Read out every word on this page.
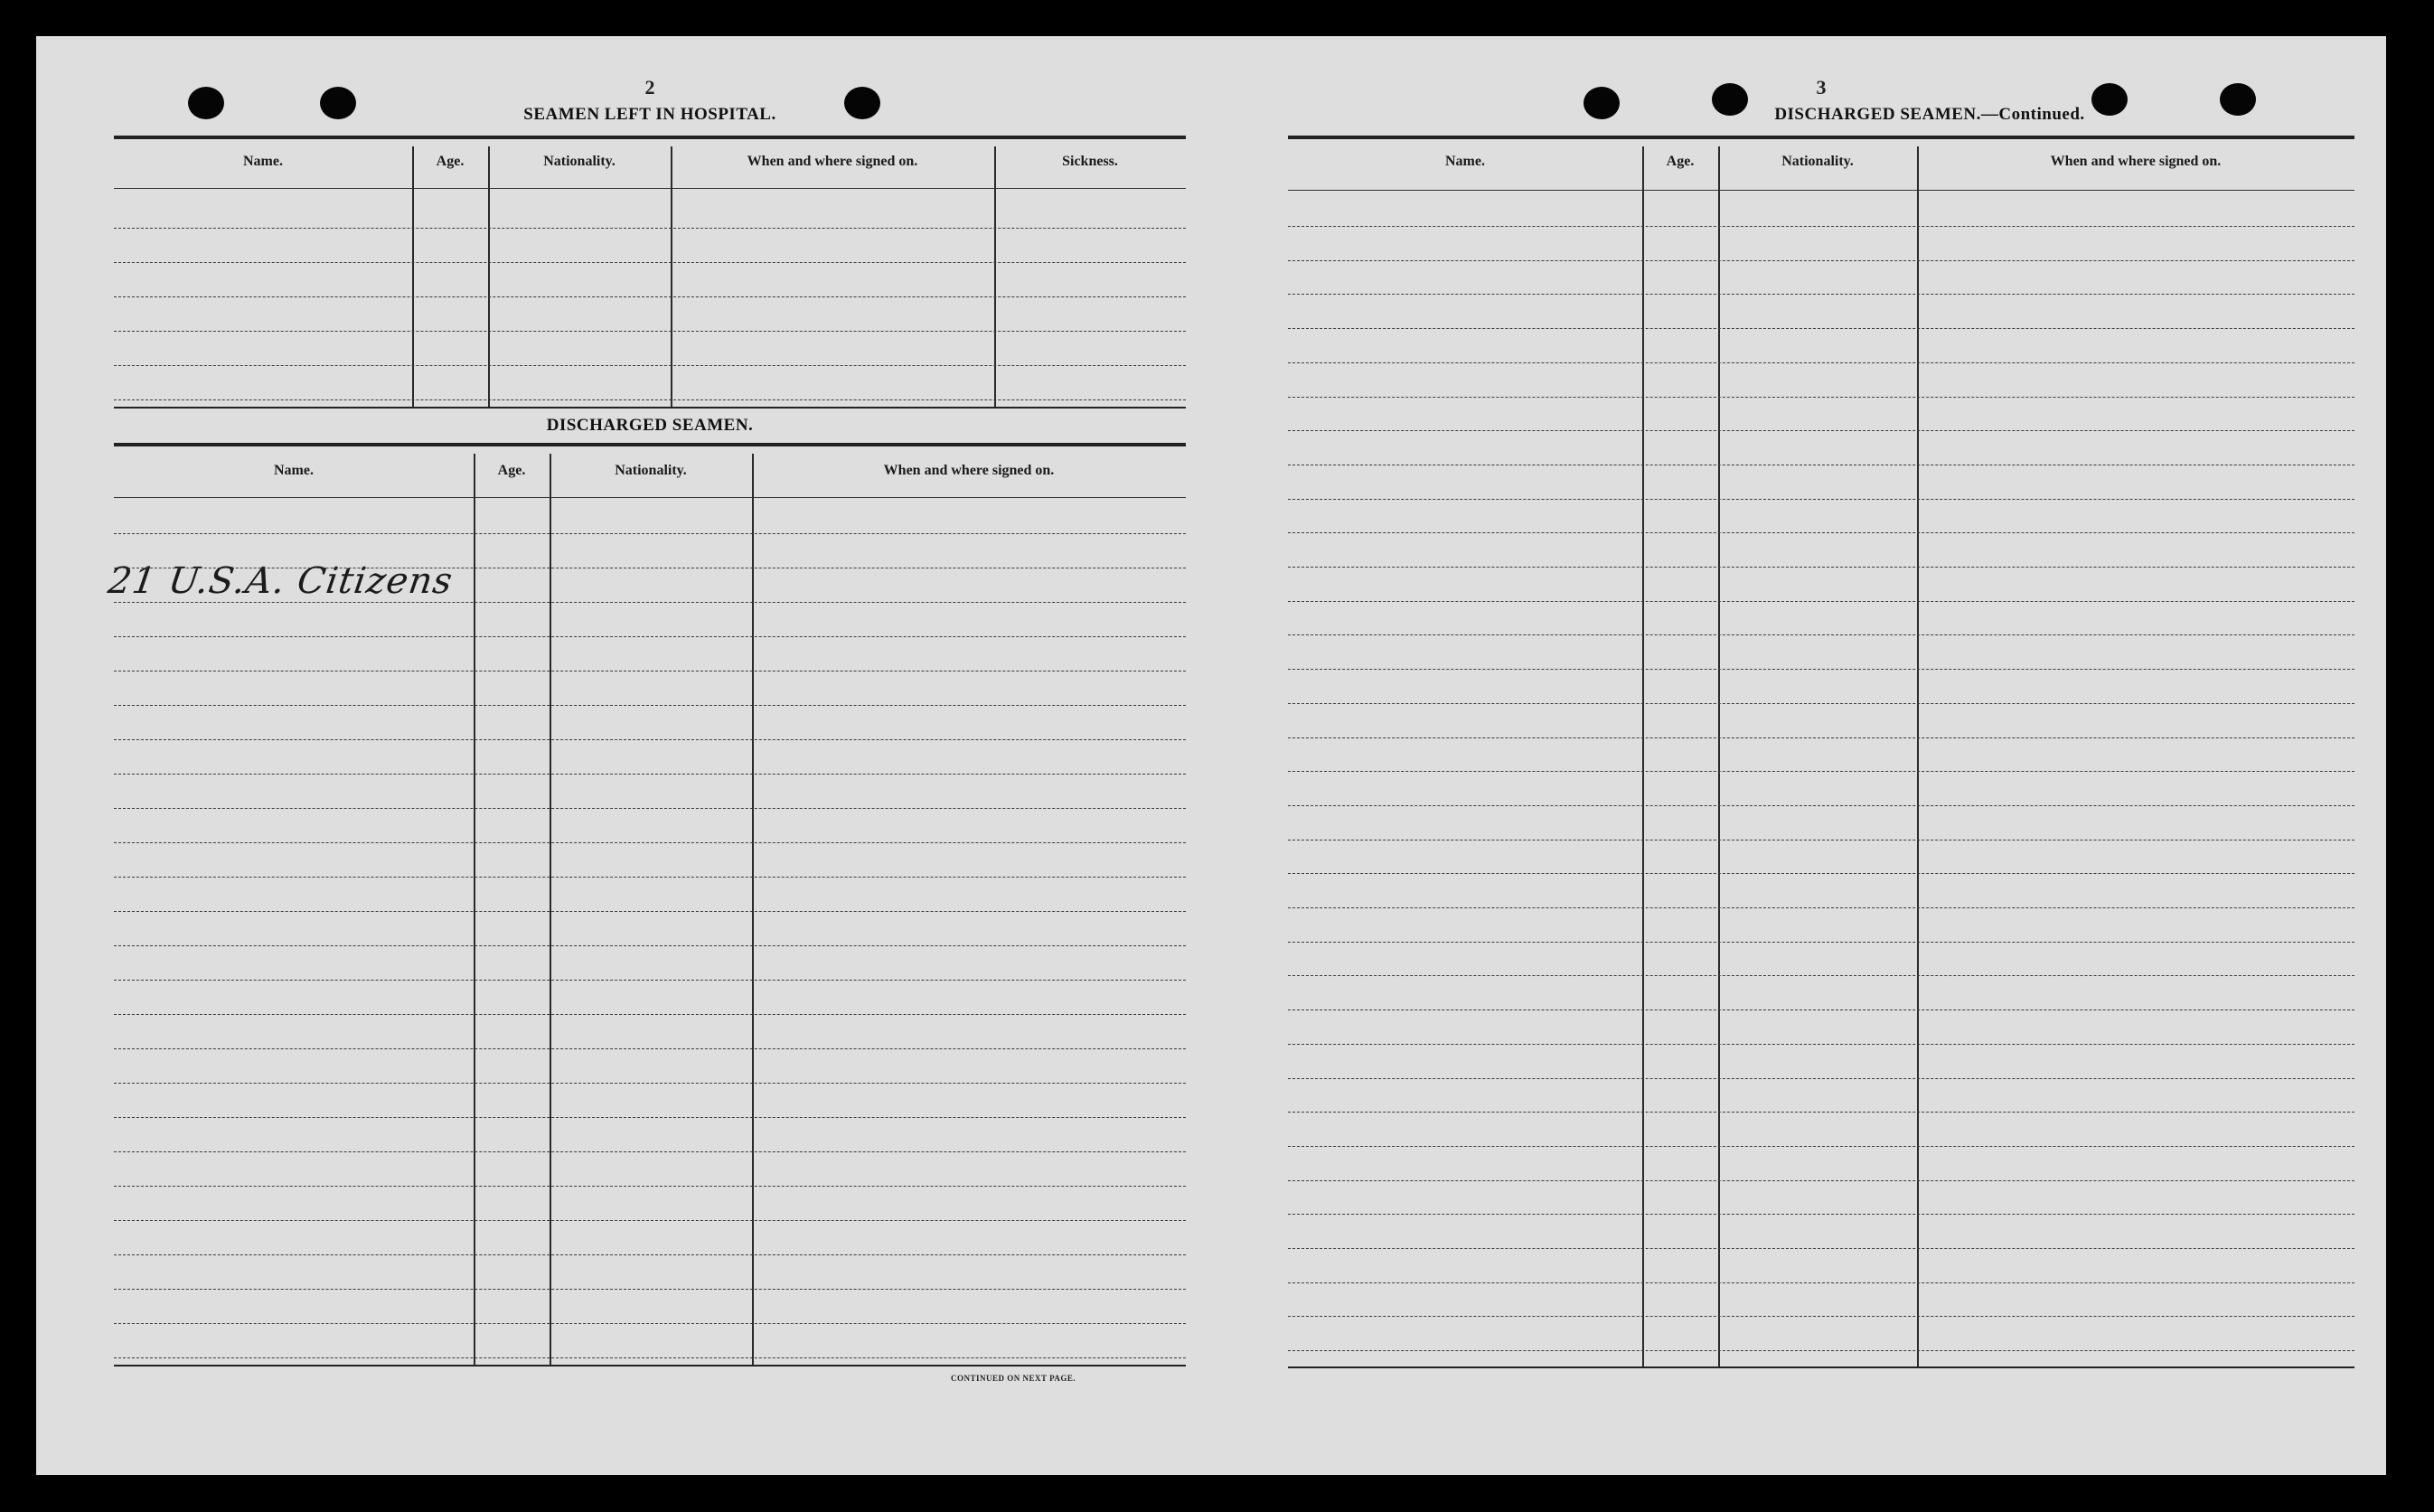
2
SEAMEN LEFT IN HOSPITAL.
DISCHARGED SEAMEN.
21 U.S.A. Citizens
CONTINUED ON NEXT PAGE.
Name.	Age.	Nationality.	When and where signed on.	Sickness.
Name.	Age.	Nationality.	When and where signed on.
3
DISCHARGED SEAMEN.—Continued.
Name.	Age.	Nationality.	When and where signed on.
